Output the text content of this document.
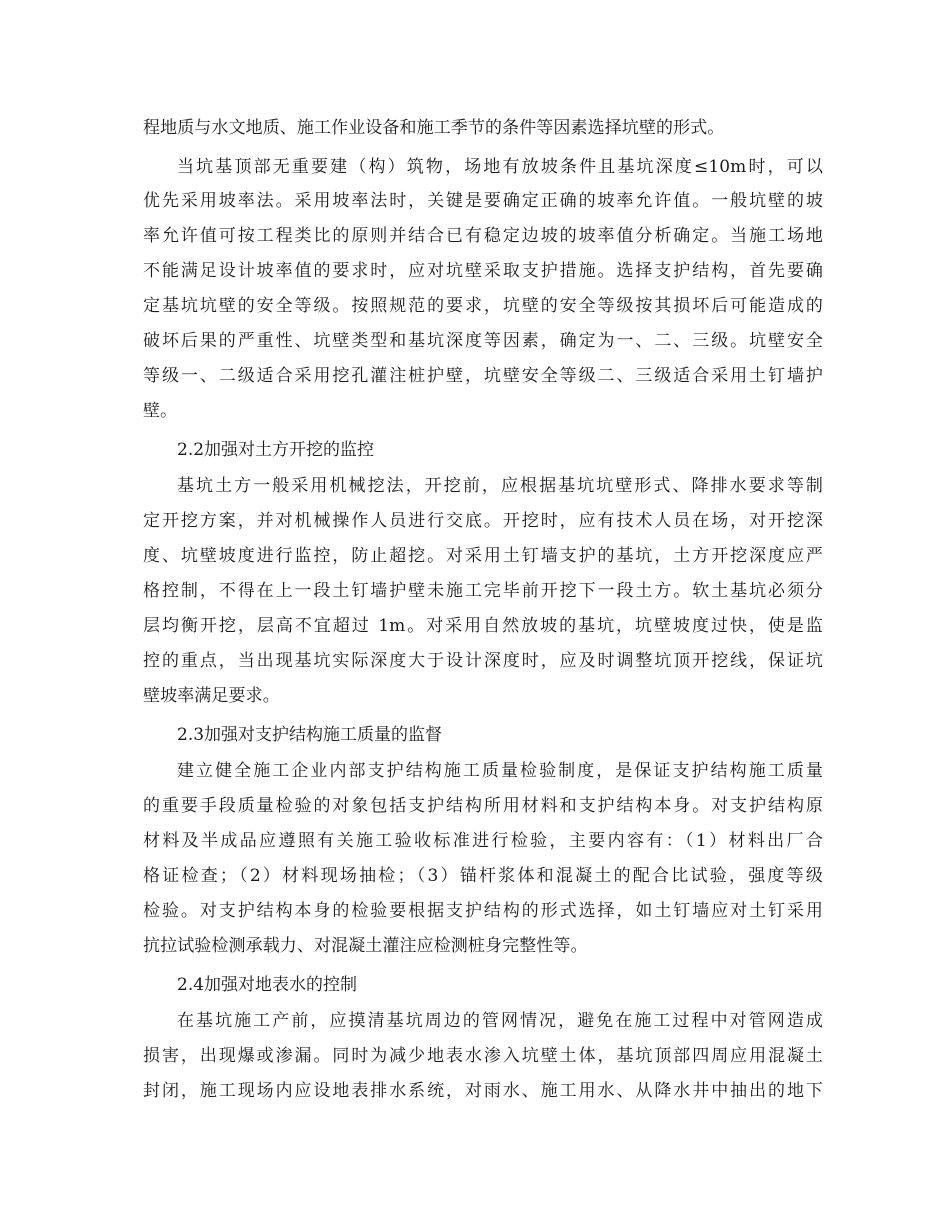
程地质与水文地质、施工作业设备和施工季节的条件等因素选择坑壁的形式。
当坑基顶部无重要建（构）筑物，场地有放坡条件且基坑深度≤10m时，可以
优先采用坡率法。采用坡率法时，关键是要确定正确的坡率允许值。一般坑壁的坡
率允许值可按工程类比的原则并结合已有稳定边坡的坡率值分析确定。当施工场地
不能满足设计坡率值的要求时，应对坑壁采取支护措施。选择支护结构，首先要确
定基坑坑壁的安全等级。按照规范的要求，坑壁的安全等级按其损坏后可能造成的
破坏后果的严重性、坑壁类型和基坑深度等因素，确定为一、二、三级。坑壁安全
等级一、二级适合采用挖孔灌注桩护壁，坑壁安全等级二、三级适合采用土钉墙护
壁。
2.2加强对土方开挖的监控
基坑土方一般采用机械挖法，开挖前，应根据基坑坑壁形式、降排水要求等制
定开挖方案，并对机械操作人员进行交底。开挖时，应有技术人员在场，对开挖深
度、坑壁坡度进行监控，防止超挖。对采用土钉墙支护的基坑，土方开挖深度应严
格控制，不得在上一段土钉墙护壁未施工完毕前开挖下一段土方。软土基坑必须分
层均衡开挖，层高不宜超过 1m。对采用自然放坡的基坑，坑壁坡度过快，使是监
控的重点，当出现基坑实际深度大于设计深度时，应及时调整坑顶开挖线，保证坑
壁坡率满足要求。
2.3加强对支护结构施工质量的监督
建立健全施工企业内部支护结构施工质量检验制度，是保证支护结构施工质量
的重要手段质量检验的对象包括支护结构所用材料和支护结构本身。对支护结构原
材料及半成品应遵照有关施工验收标准进行检验，主要内容有：（1）材料出厂合
格证检查；（2）材料现场抽检；（3）锚杆浆体和混凝土的配合比试验，强度等级
检验。对支护结构本身的检验要根据支护结构的形式选择，如土钉墙应对土钉采用
抗拉试验检测承载力、对混凝土灌注应检测桩身完整性等。
2.4加强对地表水的控制
在基坑施工产前，应摸清基坑周边的管网情况，避免在施工过程中对管网造成
损害，出现爆或渗漏。同时为减少地表水渗入坑壁土体，基坑顶部四周应用混凝土
封闭，施工现场内应设地表排水系统，对雨水、施工用水、从降水井中抽出的地下
